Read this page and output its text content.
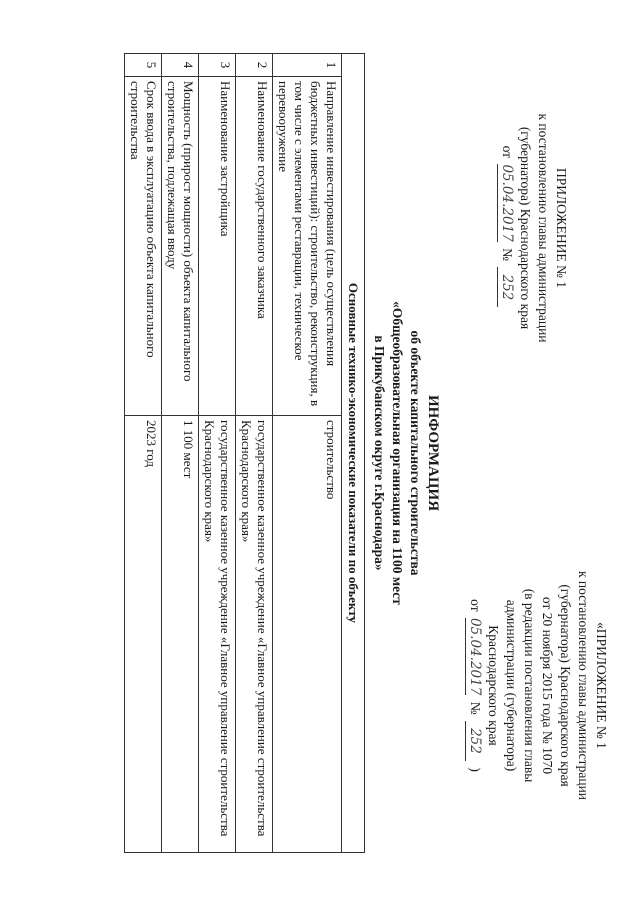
ПРИЛОЖЕНИЕ № 1
к постановлению главы администрации
(губернатора) Краснодарского края
от 05.04.2017 № 252
«ПРИЛОЖЕНИЕ № 1
к постановлению главы администрации
(губернатора) Краснодарского края
от 20 ноября 2015 года № 1070
(в редакции постановления главы
администрации (губернатора)
Краснодарского края
от 05.04.2017 № 252 )
ИНФОРМАЦИЯ
об объекте капитального строительства
«Общеобразовательная организация на 1100 мест
в Прикубанском округе г.Краснодара»
Основные технико-экономические показатели по объекту		
1	Направление инвестирования (цель осуществления бюджетных инвестиций): строительство, реконструкция, в том числе с элементами реставрации, техническое перевооружение	строительство
2	Наименование государственного заказчика	государственное казенное учреждение «Главное управление строительства Краснодарского края»
3	Наименование застройщика	государственное казенное учреждение «Главное управление строительства Краснодарского края»
4	Мощность (прирост мощности) объекта капитального строительства, подлежащая вводу	1 100 мест
5	Срок ввода в эксплуатацию объекта капитального строительства	2023 год
